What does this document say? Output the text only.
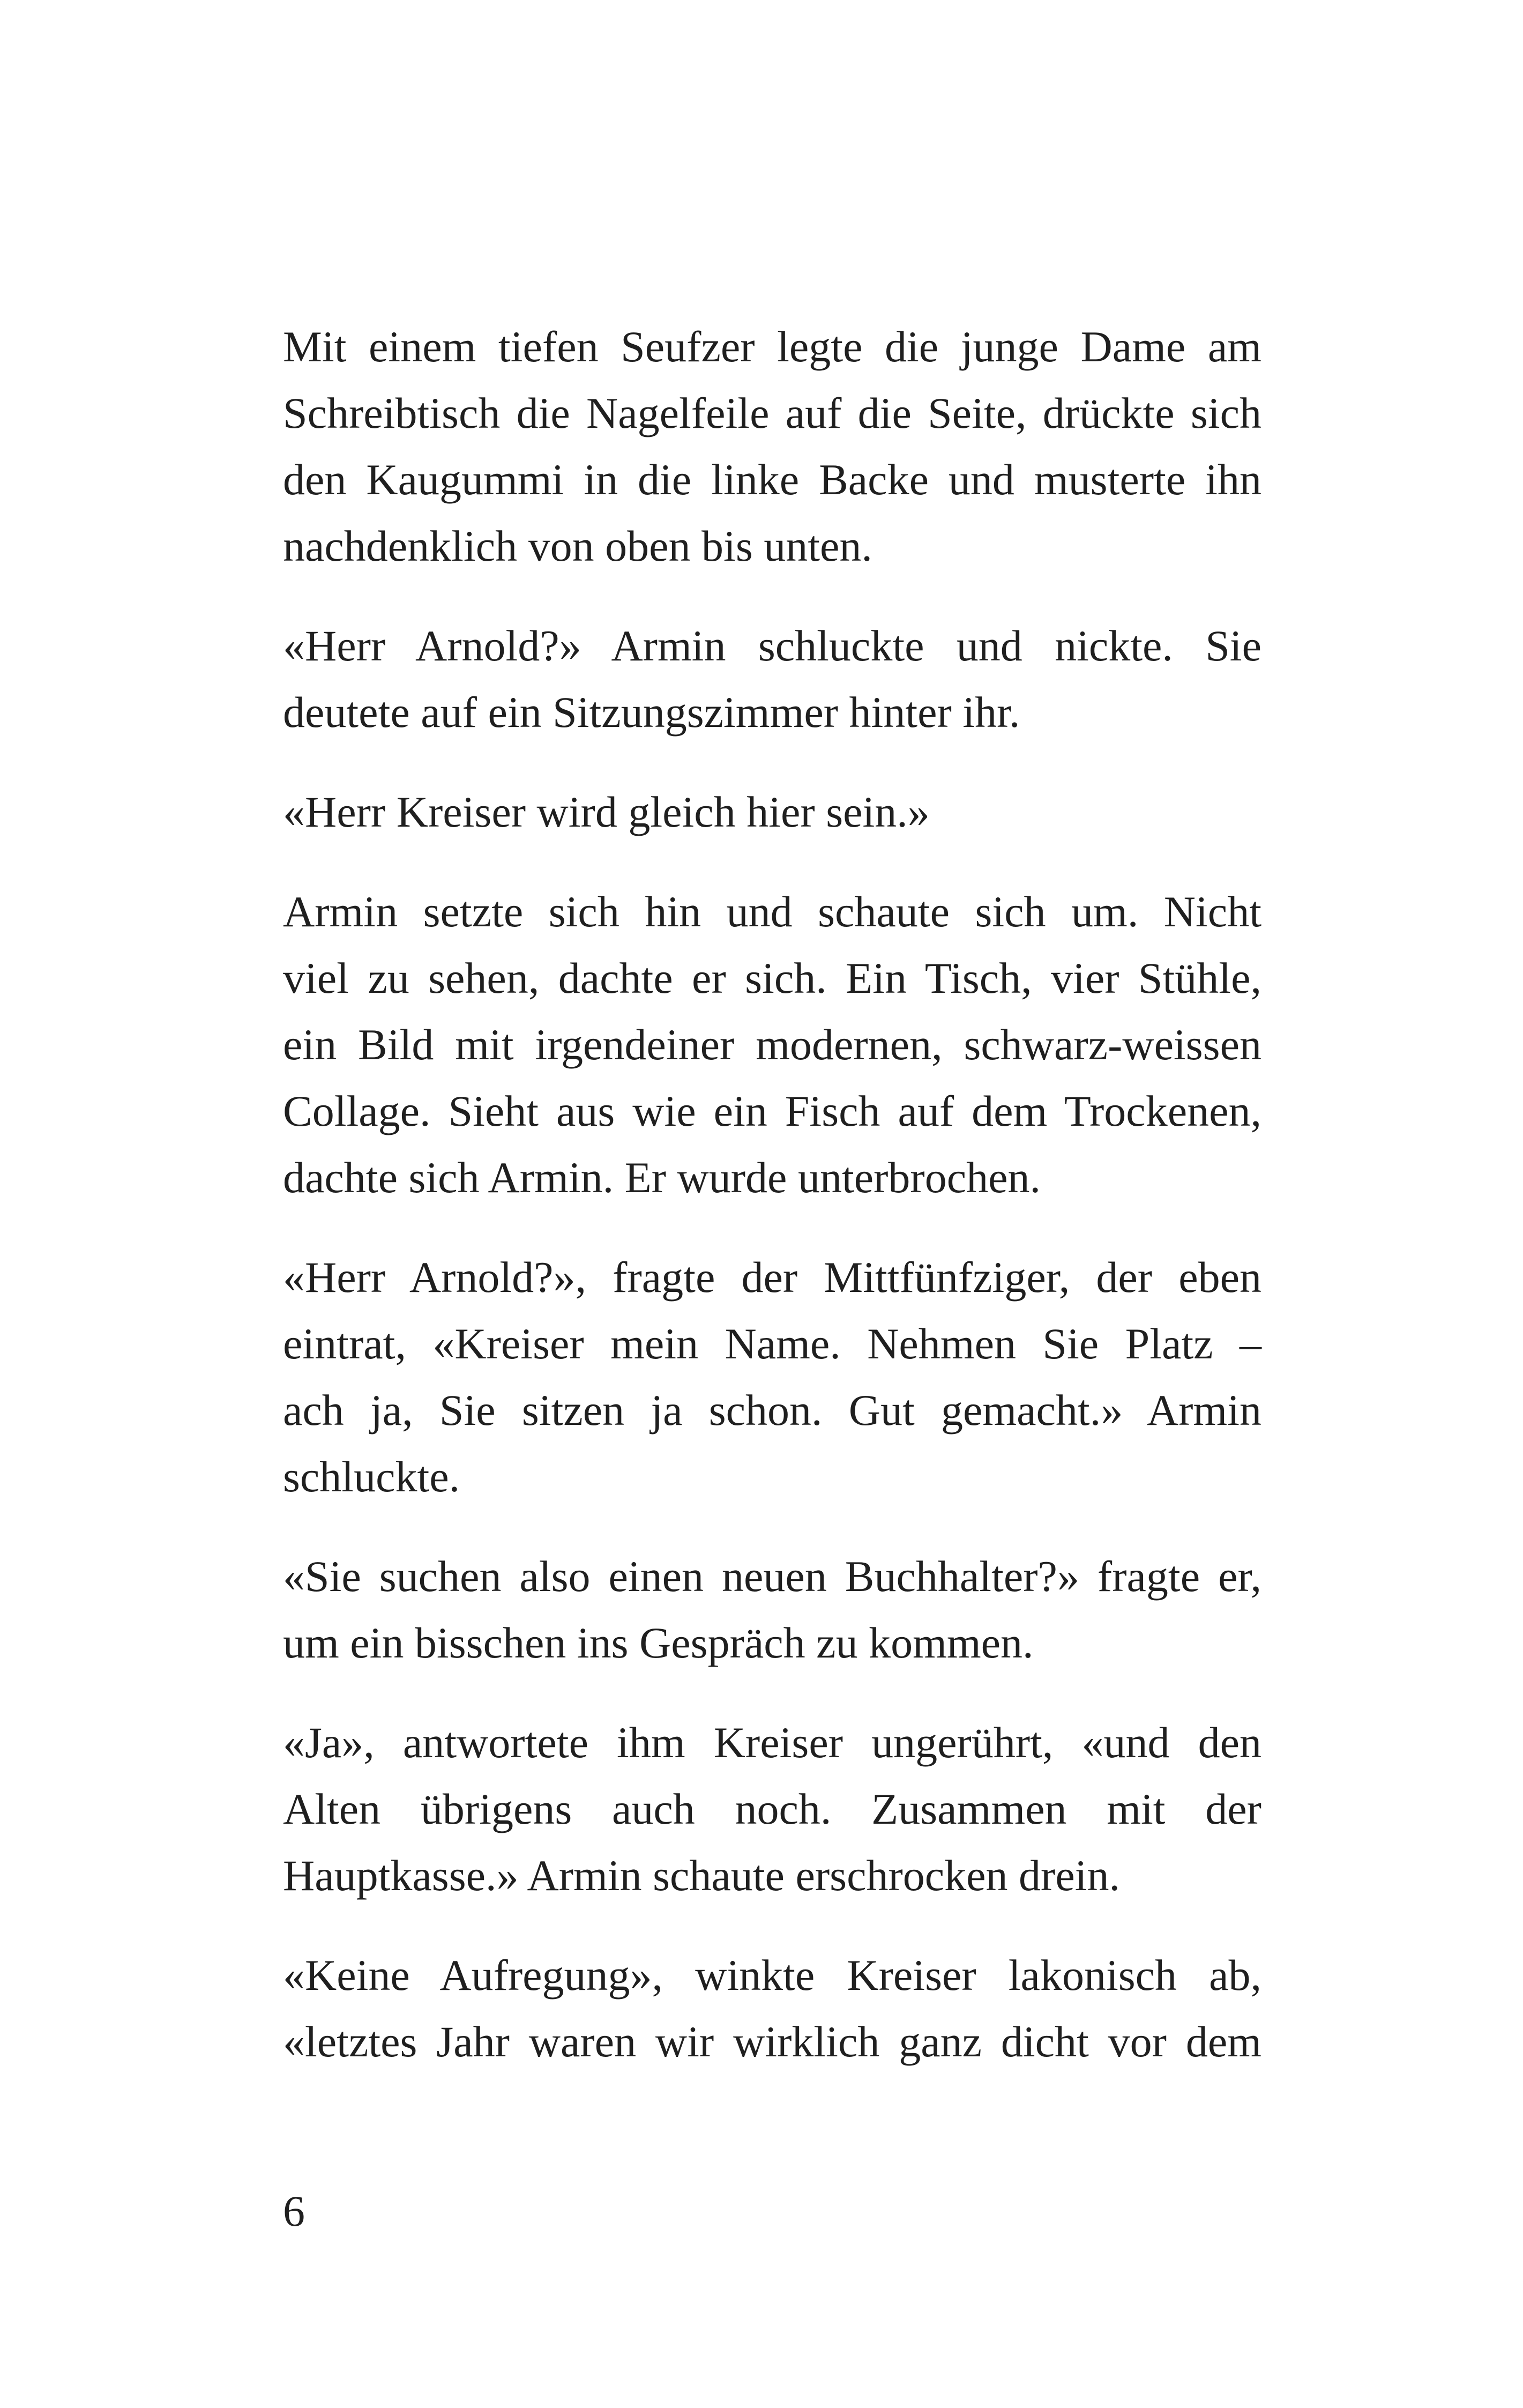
Mit einem tiefen Seufzer legte die junge Dame am
Schreibtisch die Nagelfeile auf die Seite, drückte sich
den Kaugummi in die linke Backe und musterte ihn
nachdenklich von oben bis unten.

«Herr Arnold?» Armin schluckte und nickte. Sie
deutete auf ein Sitzungszimmer hinter ihr.

«Herr Kreiser wird gleich hier sein.»

Armin setzte sich hin und schaute sich um. Nicht
viel zu sehen, dachte er sich. Ein Tisch, vier Stühle,
ein Bild mit irgendeiner modernen, schwarz-weissen
Collage. Sieht aus wie ein Fisch auf dem Trockenen,
dachte sich Armin. Er wurde unterbrochen.

«Herr Arnold?», fragte der Mittfünfziger, der eben
eintrat, «Kreiser mein Name. Nehmen Sie Platz –
ach ja, Sie sitzen ja schon. Gut gemacht.» Armin
schluckte.

«Sie suchen also einen neuen Buchhalter?» fragte er,
um ein bisschen ins Gespräch zu kommen.

«Ja», antwortete ihm Kreiser ungerührt, «und den
Alten übrigens auch noch. Zusammen mit der
Hauptkasse.» Armin schaute erschrocken drein.

«Keine Aufregung», winkte Kreiser lakonisch ab,
«letztes Jahr waren wir wirklich ganz dicht vor dem

6
